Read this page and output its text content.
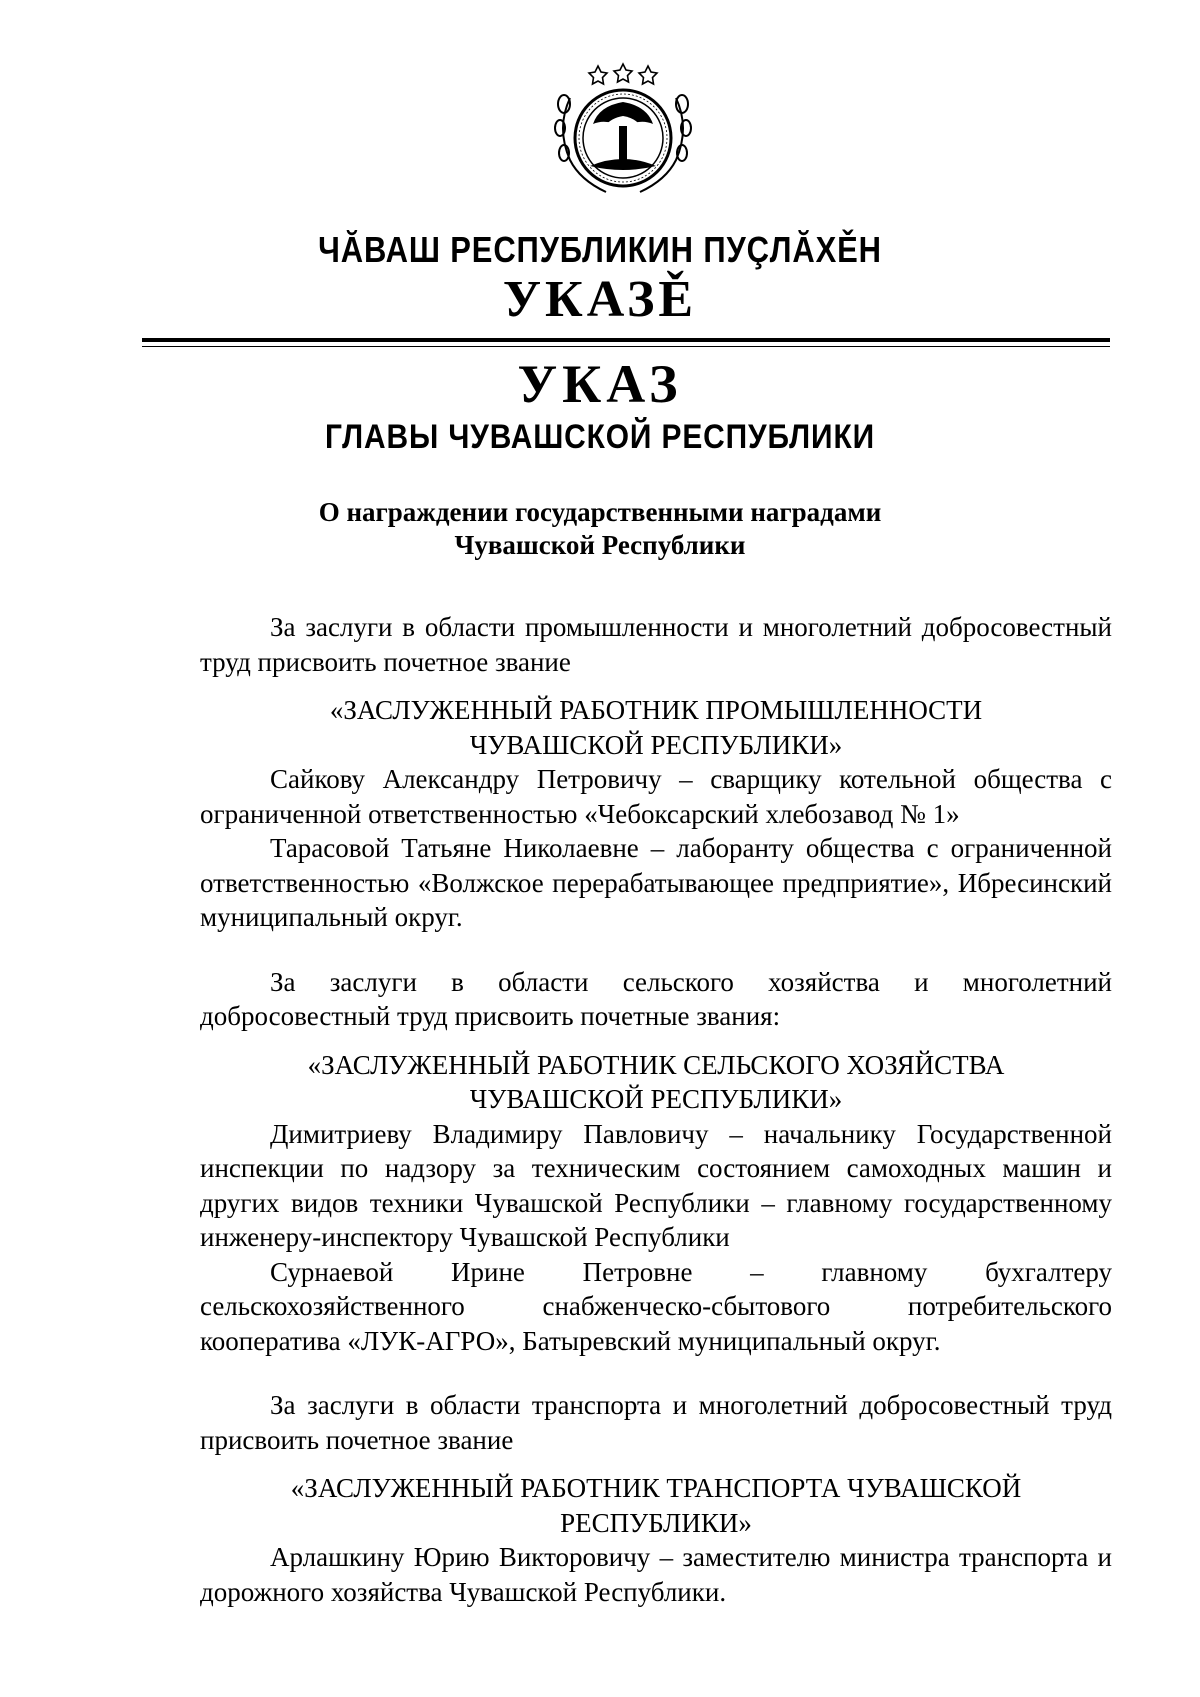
ЧĂВАШ РЕСПУБЛИКИН ПУÇЛĂХĚН
УКАЗĚ
УКАЗ
ГЛАВЫ ЧУВАШСКОЙ РЕСПУБЛИКИ
О награждении государственными наградами
Чувашской Республики

За заслуги в области промышленности и многолетний добросовестный труд присвоить почетное звание

«ЗАСЛУЖЕННЫЙ РАБОТНИК ПРОМЫШЛЕННОСТИ ЧУВАШСКОЙ РЕСПУБЛИКИ»

Сайкову Александру Петровичу – сварщику котельной общества с ограниченной ответственностью «Чебоксарский хлебозавод № 1»

Тарасовой Татьяне Николаевне – лаборанту общества с ограниченной ответственностью «Волжское перерабатывающее предприятие», Ибресинский муниципальный округ.

За заслуги в области сельского хозяйства и многолетний добросовестный труд присвоить почетные звания:

«ЗАСЛУЖЕННЫЙ РАБОТНИК СЕЛЬСКОГО ХОЗЯЙСТВА ЧУВАШСКОЙ РЕСПУБЛИКИ»

Димитриеву Владимиру Павловичу – начальнику Государственной инспекции по надзору за техническим состоянием самоходных машин и других видов техники Чувашской Республики – главному государственному инженеру-инспектору Чувашской Республики

Сурнаевой Ирине Петровне – главному бухгалтеру сельскохозяйственного снабженческо-сбытового потребительского кооператива «ЛУК-АГРО», Батыревский муниципальный округ.

За заслуги в области транспорта и многолетний добросовестный труд присвоить почетное звание

«ЗАСЛУЖЕННЫЙ РАБОТНИК ТРАНСПОРТА ЧУВАШСКОЙ РЕСПУБЛИКИ»

Арлашкину Юрию Викторовичу – заместителю министра транспорта и дорожного хозяйства Чувашской Республики.
